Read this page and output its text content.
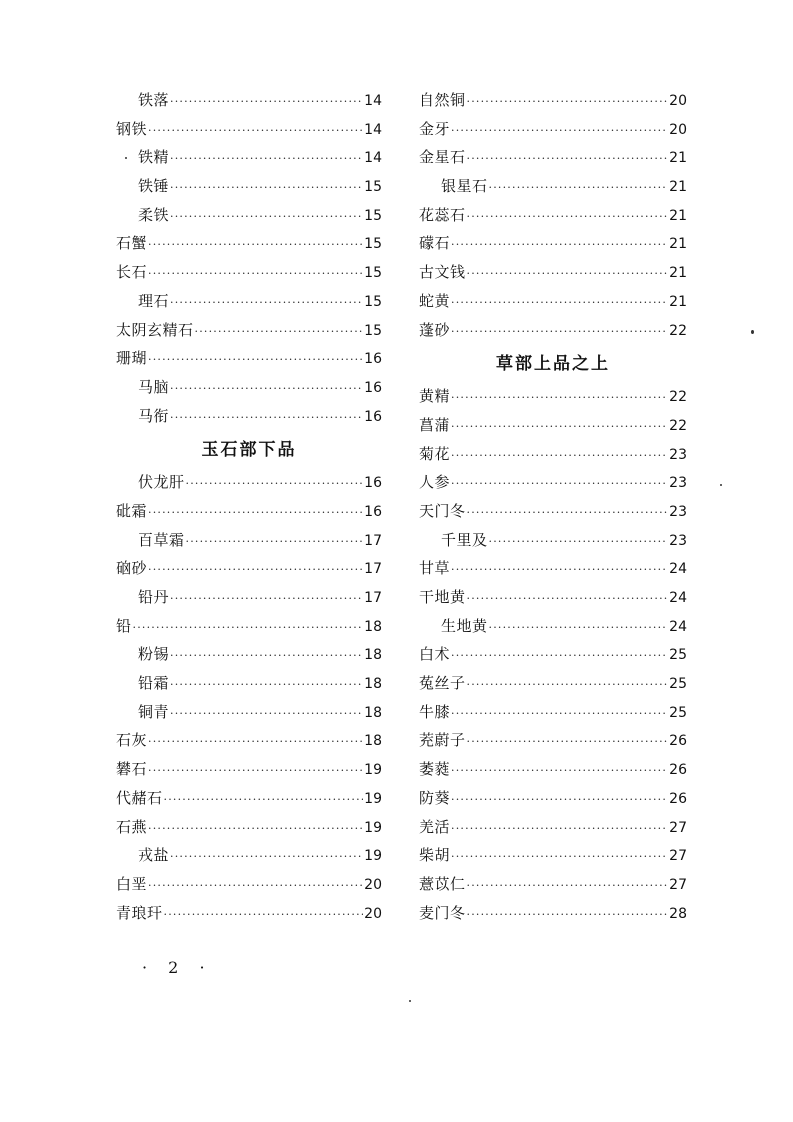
铁落 ·····	14
钢铁 ·····	14
铁精 ·····	14
铁锤 ·····	15
柔铁 ·····	15
石蟹 ·····	15
长石 ·····	15
理石 ·····	15
太阴玄精石 ·····	15
珊瑚 ·····	16
马脑 ·····	16
马衔 ·····	16
玉石部下品
伏龙肝 ·····	16
砒霜 ·····	16
百草霜 ·····	17
硇砂 ·····	17
铅丹 ·····	17
铅 ·····	18
粉锡 ·····	18
铅霜 ·····	18
铜青 ·····	18
石灰 ·····	18
礬石 ·····	19
代赭石 ·····	19
石燕 ·····	19
戎盐 ·····	19
白垩 ·····	20
青琅玕 ·····	20
自然铜 ·····	20
金牙 ·····	20
金星石 ·····	21
银星石 ·····	21
花蕊石 ·····	21
礞石 ·····	21
古文钱 ·····	21
蛇黄 ·····	21
蓬砂 ·····	22
草部上品之上
黄精 ·····	22
菖蒲 ·····	22
菊花 ·····	23
人参 ·····	23
天门冬 ·····	23
千里及 ·····	23
甘草 ·····	24
干地黄 ·····	24
生地黄 ·····	24
白术 ·····	25
菟丝子 ·····	25
牛膝 ·····	25
茺蔚子 ·····	26
萎蕤 ·····	26
防葵 ·····	26
羌活 ·····	27
柴胡 ·····	27
薏苡仁 ·····	27
麦门冬 ·····	28
· 2 ·
